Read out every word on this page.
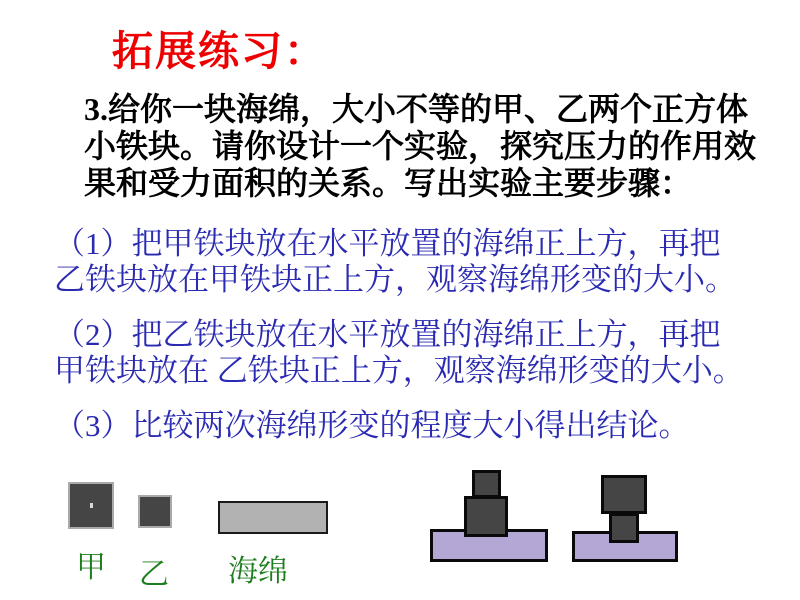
拓展练习：
3.给你一块海绵，大小不等的甲、乙两个正方体
小铁块。请你设计一个实验，探究压力的作用效
果和受力面积的关系。写出实验主要步骤：
（1）把甲铁块放在水平放置的海绵正上方，再把
乙铁块放在甲铁块正上方，观察海绵形变的大小。
（2）把乙铁块放在水平放置的海绵正上方，再把
甲铁块放在 乙铁块正上方，观察海绵形变的大小。
（3）比较两次海绵形变的程度大小得出结论。
甲 乙 海绵
